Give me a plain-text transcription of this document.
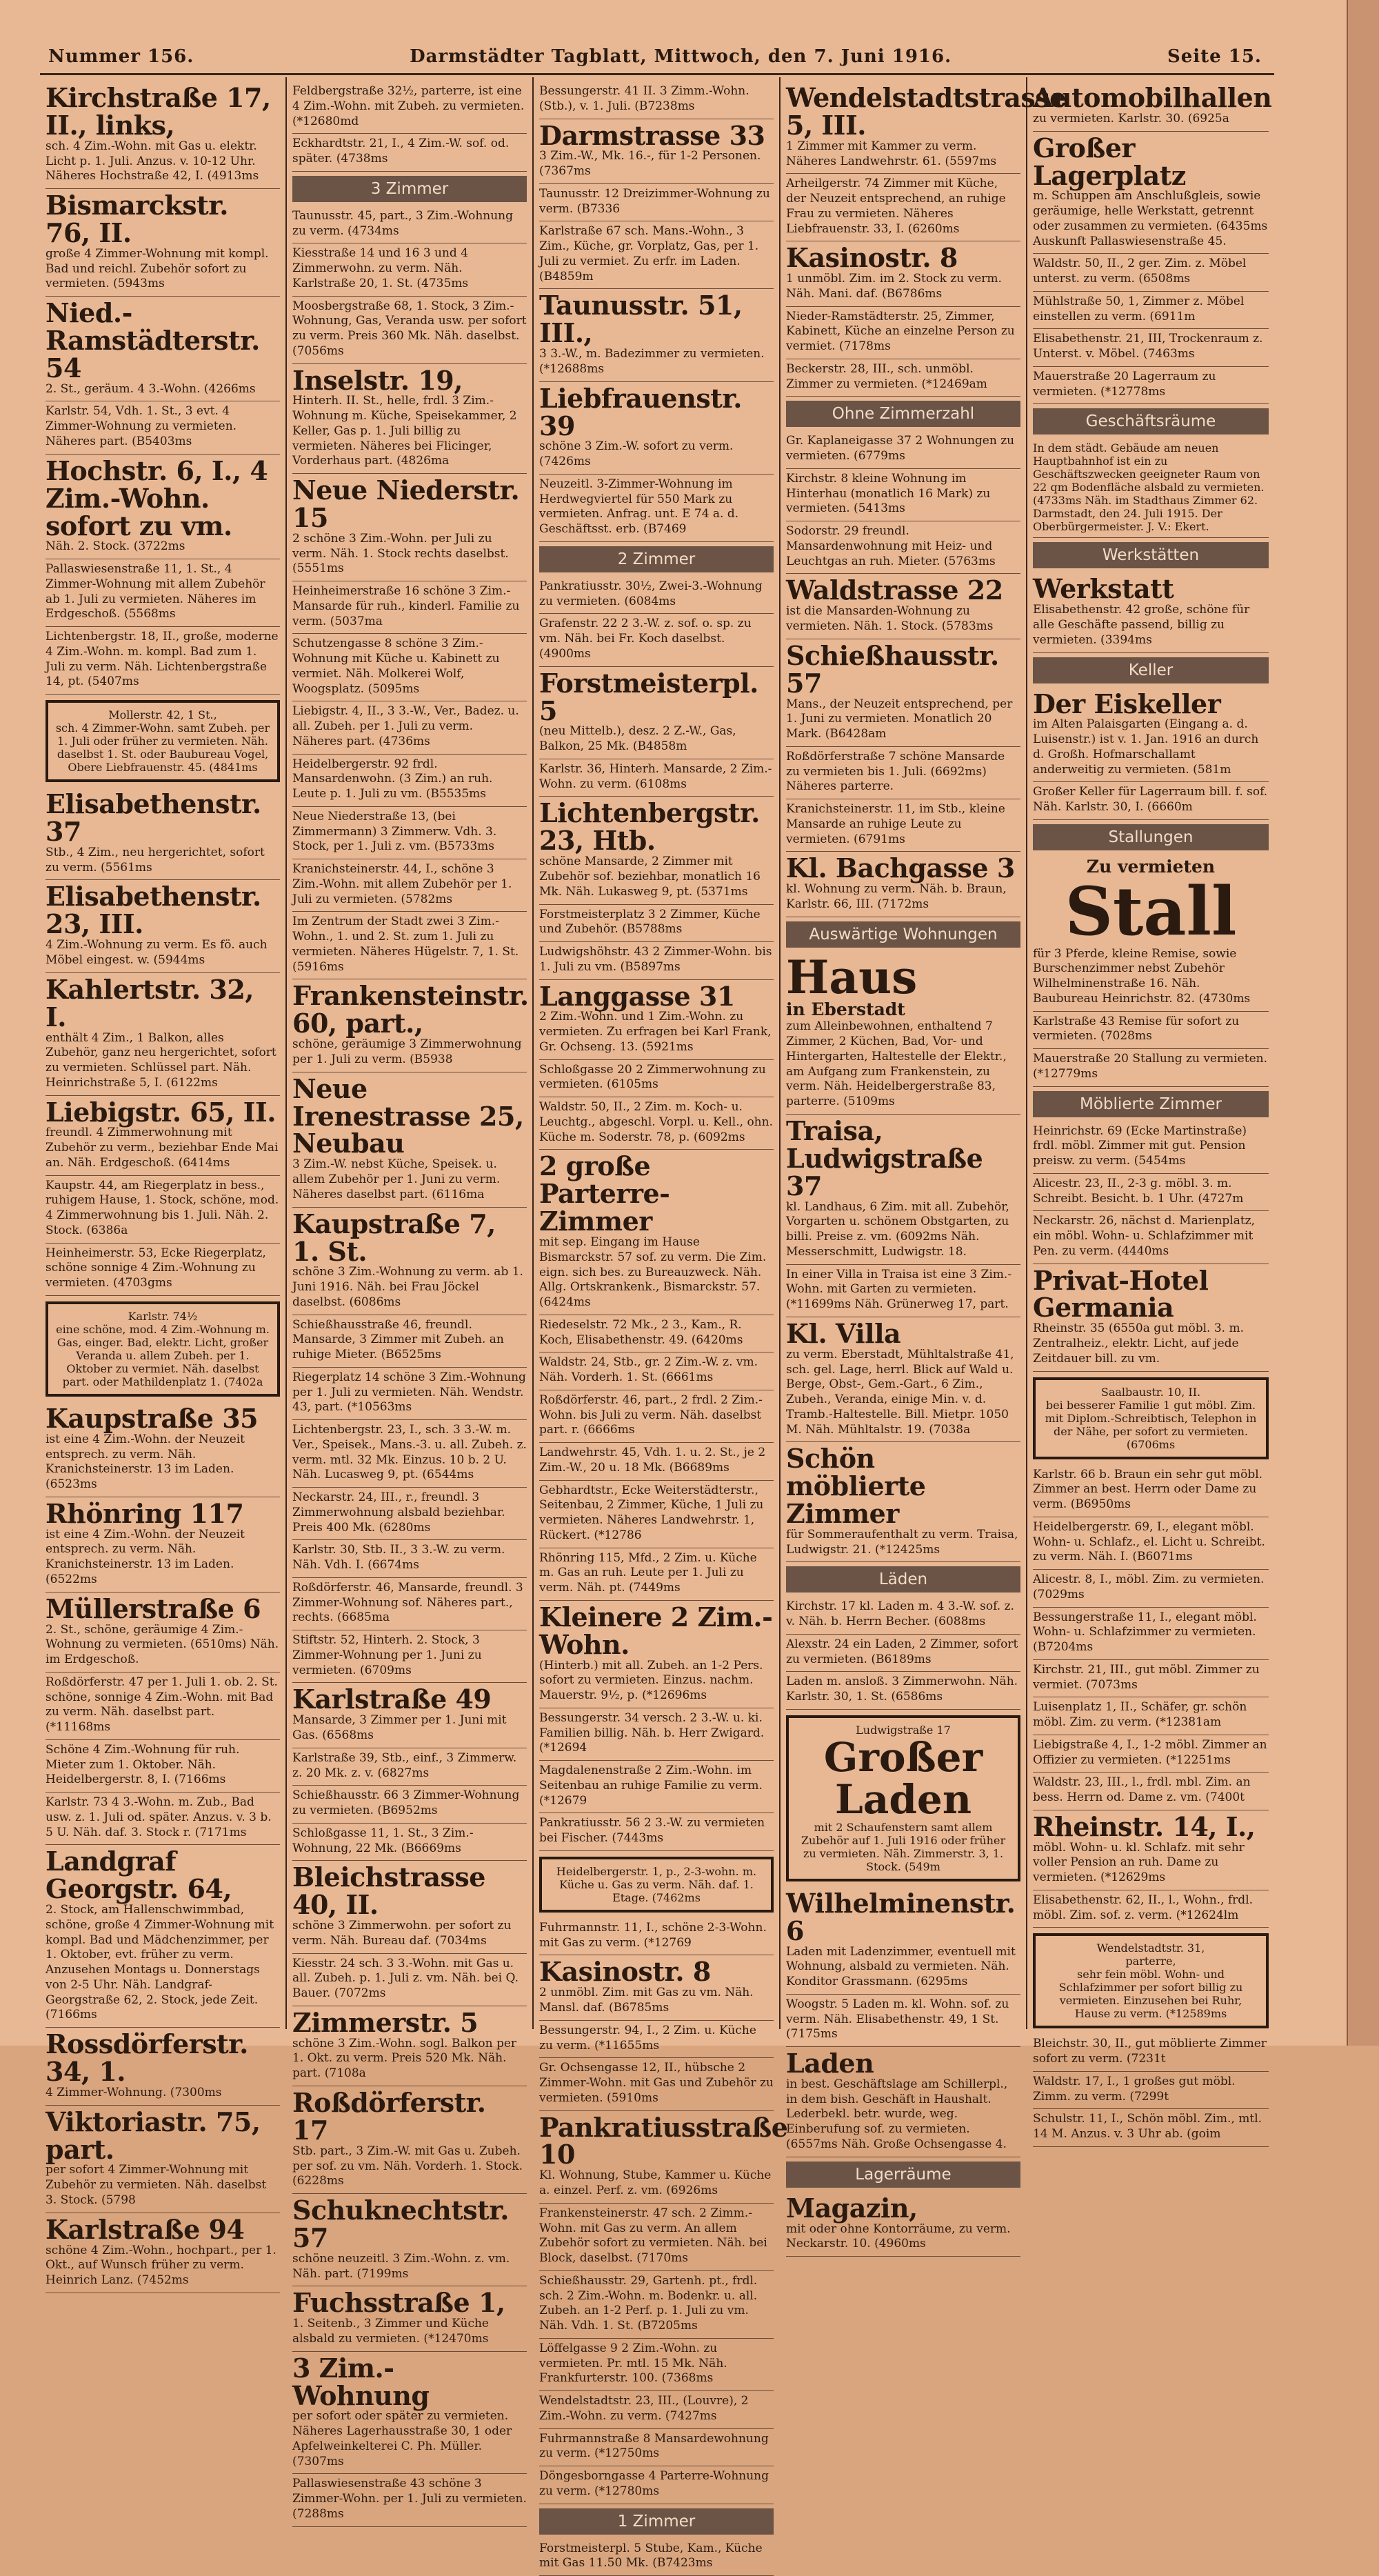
Nummer 156.	Darmstädter Tagblatt, Mittwoch, den 7. Juni 1916.	Seite 15.
Kirchstraße 17, II., links,
sch. 4 Zim.-Wohn. mit Gas u. elektr. Licht p. 1. Juli. Anzus. v. 10-12 Uhr. Näheres Hochstraße 42, I. (4913ms
Bismarckstr. 76, II.
große 4 Zimmer-Wohnung mit kompl. Bad und reichl. Zubehör sofort zu vermieten. (5943ms
Nied.-Ramstädterstr. 54
2. St., geräum. 4 3.-Wohn. (4266ms
Karlstr. 54, Vdh. 1. St., 3 evt. 4 Zimmer-Wohnung zu vermieten. Näheres part. (B5403ms
Hochstr. 6, I., 4 Zim.-Wohn. sofort zu vm.
Näh. 2. Stock. (3722ms
Pallaswiesenstraße 11, 1. St., 4 Zimmer-Wohnung mit allem Zubehör ab 1. Juli zu vermieten. Näheres im Erdgeschoß. (5568ms
Lichtenbergstr. 18, II., große, moderne 4 Zim.-Wohn. m. kompl. Bad zum 1. Juli zu verm. Näh. Lichtenbergstraße 14, pt. (5407ms
Mollerstr. 42, 1 St.,
sch. 4 Zimmer-Wohn. samt Zubeh. per 1. Juli oder früher zu vermieten. Näh. daselbst 1. St. oder Baubureau Vogel, Obere Liebfrauenstr. 45. (4841ms
Elisabethenstr. 37
Stb., 4 Zim., neu hergerichtet, sofort zu verm. (5561ms
Elisabethenstr. 23, III.
4 Zim.-Wohnung zu verm. Es fö. auch Möbel eingest. w. (5944ms
Kahlertstr. 32, I.
enthält 4 Zim., 1 Balkon, alles Zubehör, ganz neu hergerichtet, sofort zu vermieten. Schlüssel part. Näh. Heinrichstraße 5, I. (6122ms
Liebigstr. 65, II.
freundl. 4 Zimmerwohnung mit Zubehör zu verm., beziehbar Ende Mai an. Näh. Erdgeschoß. (6414ms
Kaupstr. 44, am Riegerplatz in bess., ruhigem Hause, 1. Stock, schöne, mod. 4 Zimmerwohnung bis 1. Juli. Näh. 2. Stock. (6386a
Heinheimerstr. 53, Ecke Riegerplatz, schöne sonnige 4 Zim.-Wohnung zu vermieten. (4703gms
Karlstr. 74½
eine schöne, mod. 4 Zim.-Wohnung m. Gas, einger. Bad, elektr. Licht, großer Veranda u. allem Zubeh. per 1. Oktober zu vermiet. Näh. daselbst part. oder Mathildenplatz 1. (7402a
Kaupstraße 35
ist eine 4 Zim.-Wohn. der Neuzeit entsprech. zu verm. Näh. Kranichsteinerstr. 13 im Laden. (6523ms
Rhönring 117
ist eine 4 Zim.-Wohn. der Neuzeit entsprech. zu verm. Näh. Kranichsteinerstr. 13 im Laden. (6522ms
Müllerstraße 6
2. St., schöne, geräumige 4 Zim.-Wohnung zu vermieten. (6510ms) Näh. im Erdgeschoß.
Roßdörferstr. 47 per 1. Juli 1. ob. 2. St. schöne, sonnige 4 Zim.-Wohn. mit Bad zu verm. Näh. daselbst part. (*11168ms
Schöne 4 Zim.-Wohnung für ruh. Mieter zum 1. Oktober. Näh. Heidelbergerstr. 8, I. (7166ms
Karlstr. 73 4 3.-Wohn. m. Zub., Bad usw. z. 1. Juli od. später. Anzus. v. 3 b. 5 U. Näh. daf. 3. Stock r. (7171ms
Landgraf Georgstr. 64,
2. Stock, am Hallenschwimmbad, schöne, große 4 Zimmer-Wohnung mit kompl. Bad und Mädchenzimmer, per 1. Oktober, evt. früher zu verm. Anzusehen Montags u. Donnerstags von 2-5 Uhr. Näh. Landgraf-Georgstraße 62, 2. Stock, jede Zeit. (7166ms
Rossdörferstr. 34, 1.
4 Zimmer-Wohnung. (7300ms
Viktoriastr. 75, part.
per sofort 4 Zimmer-Wohnung mit Zubehör zu vermieten. Näh. daselbst 3. Stock. (5798
Karlstraße 94
schöne 4 Zim.-Wohn., hochpart., per 1. Okt., auf Wunsch früher zu verm. Heinrich Lanz. (7452ms
Feldbergstraße 32½, parterre, ist eine 4 Zim.-Wohn. mit Zubeh. zu vermieten. (*12680md
Eckhardtstr. 21, I., 4 Zim.-W. sof. od. später. (4738ms
3 Zimmer
Taunusstr. 45, part., 3 Zim.-Wohnung zu verm. (4734ms
Kiesstraße 14 und 16 3 und 4 Zimmerwohn. zu verm. Näh. Karlstraße 20, 1. St. (4735ms
Moosbergstraße 68, 1. Stock, 3 Zim.-Wohnung, Gas, Veranda usw. per sofort zu verm. Preis 360 Mk. Näh. daselbst. (7056ms
Inselstr. 19,
Hinterh. II. St., helle, frdl. 3 Zim.-Wohnung m. Küche, Speisekammer, 2 Keller, Gas p. 1. Juli billig zu vermieten. Näheres bei Flicinger, Vorderhaus part. (4826ma
Neue Niederstr. 15
2 schöne 3 Zim.-Wohn. per Juli zu verm. Näh. 1. Stock rechts daselbst. (5551ms
Heinheimerstraße 16 schöne 3 Zim.-Mansarde für ruh., kinderl. Familie zu verm. (5037ma
Schutzengasse 8 schöne 3 Zim.-Wohnung mit Küche u. Kabinett zu vermiet. Näh. Molkerei Wolf, Woogsplatz. (5095ms
Liebigstr. 4, II., 3 3.-W., Ver., Badez. u. all. Zubeh. per 1. Juli zu verm. Näheres part. (4736ms
Heidelbergerstr. 92 frdl. Mansardenwohn. (3 Zim.) an ruh. Leute p. 1. Juli zu vm. (B5535ms
Neue Niederstraße 13, (bei Zimmermann) 3 Zimmerw. Vdh. 3. Stock, per 1. Juli z. vm. (B5733ms
Kranichsteinerstr. 44, I., schöne 3 Zim.-Wohn. mit allem Zubehör per 1. Juli zu vermieten. (5782ms
Im Zentrum der Stadt zwei 3 Zim.-Wohn., 1. und 2. St. zum 1. Juli zu vermieten. Näheres Hügelstr. 7, 1. St. (5916ms
Frankensteinstr. 60, part.,
schöne, geräumige 3 Zimmerwohnung per 1. Juli zu verm. (B5938
Neue Irenestrasse 25, Neubau
3 Zim.-W. nebst Küche, Speisek. u. allem Zubehör per 1. Juni zu verm. Näheres daselbst part. (6116ma
Kaupstraße 7, 1. St.
schöne 3 Zim.-Wohnung zu verm. ab 1. Juni 1916. Näh. bei Frau Jöckel daselbst. (6086ms
Schießhausstraße 46, freundl. Mansarde, 3 Zimmer mit Zubeh. an ruhige Mieter. (B6525ms
Riegerplatz 14 schöne 3 Zim.-Wohnung per 1. Juli zu vermieten. Näh. Wendstr. 43, part. (*10563ms
Lichtenbergstr. 23, I., sch. 3 3.-W. m. Ver., Speisek., Mans.-3. u. all. Zubeh. z. verm. mtl. 32 Mk. Einzus. 10 b. 2 U. Näh. Lucasweg 9, pt. (6544ms
Neckarstr. 24, III., r., freundl. 3 Zimmerwohnung alsbald beziehbar. Preis 400 Mk. (6280ms
Karlstr. 30, Stb. II., 3 3.-W. zu verm. Näh. Vdh. I. (6674ms
Roßdörferstr. 46, Mansarde, freundl. 3 Zimmer-Wohnung sof. Näheres part., rechts. (6685ma
Stiftstr. 52, Hinterh. 2. Stock, 3 Zimmer-Wohnung per 1. Juni zu vermieten. (6709ms
Karlstraße 49
Mansarde, 3 Zimmer per 1. Juni mit Gas. (6568ms
Karlstraße 39, Stb., einf., 3 Zimmerw. z. 20 Mk. z. v. (6827ms
Schießhausstr. 66 3 Zimmer-Wohnung zu vermieten. (B6952ms
Schloßgasse 11, 1. St., 3 Zim.-Wohnung, 22 Mk. (B6669ms
Bleichstrasse 40, II.
schöne 3 Zimmerwohn. per sofort zu verm. Näh. Bureau daf. (7034ms
Kiesstr. 24 sch. 3 3.-Wohn. mit Gas u. all. Zubeh. p. 1. Juli z. vm. Näh. bei Q. Bauer. (7072ms
Zimmerstr. 5
schöne 3 Zim.-Wohn. sogl. Balkon per 1. Okt. zu verm. Preis 520 Mk. Näh. part. (7108a
Roßdörferstr. 17
Stb. part., 3 Zim.-W. mit Gas u. Zubeh. per sof. zu vm. Näh. Vorderh. 1. Stock. (6228ms
Schuknechtstr. 57
schöne neuzeitl. 3 Zim.-Wohn. z. vm. Näh. part. (7199ms
Fuchsstraße 1,
1. Seitenb., 3 Zimmer und Küche alsbald zu vermieten. (*12470ms
3 Zim.-Wohnung
per sofort oder später zu vermieten. Näheres Lagerhausstraße 30, 1 oder Apfelweinkelterei C. Ph. Müller. (7307ms
Pallaswiesenstraße 43 schöne 3 Zimmer-Wohn. per 1. Juli zu vermieten. (7288ms
Bessungerstr. 41 II. 3 Zimm.-Wohn. (Stb.), v. 1. Juli. (B7238ms
Darmstrasse 33
3 Zim.-W., Mk. 16.-, für 1-2 Personen. (7367ms
Taunusstr. 12 Dreizimmer-Wohnung zu verm. (B7336
Karlstraße 67 sch. Mans.-Wohn., 3 Zim., Küche, gr. Vorplatz, Gas, per 1. Juli zu vermiet. Zu erfr. im Laden. (B4859m
Taunusstr. 51, III.,
3 3.-W., m. Badezimmer zu vermieten. (*12688ms
Liebfrauenstr. 39
schöne 3 Zim.-W. sofort zu verm. (7426ms
Neuzeitl. 3-Zimmer-Wohnung im Herdwegviertel für 550 Mark zu vermieten. Anfrag. unt. E 74 a. d. Geschäftsst. erb. (B7469
2 Zimmer
Pankratiusstr. 30½, Zwei-3.-Wohnung zu vermieten. (6084ms
Grafenstr. 22 2 3.-W. z. sof. o. sp. zu vm. Näh. bei Fr. Koch daselbst. (4900ms
Forstmeisterpl. 5
(neu Mittelb.), desz. 2 Z.-W., Gas, Balkon, 25 Mk. (B4858m
Karlstr. 36, Hinterh. Mansarde, 2 Zim.-Wohn. zu verm. (6108ms
Lichtenbergstr. 23, Htb.
schöne Mansarde, 2 Zimmer mit Zubehör sof. beziehbar, monatlich 16 Mk. Näh. Lukasweg 9, pt. (5371ms
Forstmeisterplatz 3 2 Zimmer, Küche und Zubehör. (B5788ms
Ludwigshöhstr. 43 2 Zimmer-Wohn. bis 1. Juli zu vm. (B5897ms
Langgasse 31
2 Zim.-Wohn. und 1 Zim.-Wohn. zu vermieten. Zu erfragen bei Karl Frank, Gr. Ochseng. 13. (5921ms
Schloßgasse 20 2 Zimmerwohnung zu vermieten. (6105ms
Waldstr. 50, II., 2 Zim. m. Koch- u. Leuchtg., abgeschl. Vorpl. u. Kell., ohn. Küche m. Soderstr. 78, p. (6092ms
2 große Parterre-Zimmer
mit sep. Eingang im Hause Bismarckstr. 57 sof. zu verm. Die Zim. eign. sich bes. zu Bureauzweck. Näh. Allg. Ortskrankenk., Bismarckstr. 57. (6424ms
Riedeselstr. 72 Mk., 2 3., Kam., R. Koch, Elisabethenstr. 49. (6420ms
Waldstr. 24, Stb., gr. 2 Zim.-W. z. vm. Näh. Vorderh. 1. St. (6661ms
Roßdörferstr. 46, part., 2 frdl. 2 Zim.-Wohn. bis Juli zu verm. Näh. daselbst part. r. (6666ms
Landwehrstr. 45, Vdh. 1. u. 2. St., je 2 Zim.-W., 20 u. 18 Mk. (B6689ms
Gebhardtstr., Ecke Weiterstädterstr., Seitenbau, 2 Zimmer, Küche, 1 Juli zu vermieten. Näheres Landwehrstr. 1, Rückert. (*12786
Rhönring 115, Mfd., 2 Zim. u. Küche m. Gas an ruh. Leute per 1. Juli zu verm. Näh. pt. (7449ms
Kleinere 2 Zim.-Wohn.
(Hinterb.) mit all. Zubeh. an 1-2 Pers. sofort zu vermieten. Einzus. nachm. Mauerstr. 9½, p. (*12696ms
Bessungerstr. 34 versch. 2 3.-W. u. ki. Familien billig. Näh. b. Herr Zwigard. (*12694
Magdalenenstraße 2 Zim.-Wohn. im Seitenbau an ruhige Familie zu verm. (*12679
Pankratiusstr. 56 2 3.-W. zu vermieten bei Fischer. (7443ms
Heidelbergerstr. 1, p., 2-3-wohn. m. Küche u. Gas zu verm. Näh. daf. 1. Etage. (7462ms
Fuhrmannstr. 11, I., schöne 2-3-Wohn. mit Gas zu verm. (*12769
Kasinostr. 8
2 unmöbl. Zim. mit Gas zu vm. Näh. Mansl. daf. (B6785ms
Bessungerstr. 94, I., 2 Zim. u. Küche zu verm. (*11655ms
Gr. Ochsengasse 12, II., hübsche 2 Zimmer-Wohn. mit Gas und Zubehör zu vermieten. (5910ms
Pankratiusstraße 10
Kl. Wohnung, Stube, Kammer u. Küche a. einzel. Perf. z. vm. (6926ms
Frankensteinerstr. 47 sch. 2 Zimm.-Wohn. mit Gas zu verm. An allem Zubehör sofort zu vermieten. Näh. bei Block, daselbst. (7170ms
Schießhausstr. 29, Gartenh. pt., frdl. sch. 2 Zim.-Wohn. m. Bodenkr. u. all. Zubeh. an 1-2 Perf. p. 1. Juli zu vm. Näh. Vdh. 1. St. (B7205ms
Löffelgasse 9 2 Zim.-Wohn. zu vermieten. Pr. mtl. 15 Mk. Näh. Frankfurterstr. 100. (7368ms
Wendelstadtstr. 23, III., (Louvre), 2 Zim.-Wohn. zu verm. (7427ms
Fuhrmannstraße 8 Mansardewohnung zu verm. (*12750ms
Döngesborngasse 4 Parterre-Wohnung zu verm. (*12780ms
1 Zimmer
Forstmeisterpl. 5 Stube, Kam., Küche mit Gas 11.50 Mk. (B7423ms
Wendelstadtstrasse 5, III.
1 Zimmer mit Kammer zu verm. Näheres Landwehrstr. 61. (5597ms
Arheilgerstr. 74 Zimmer mit Küche, der Neuzeit entsprechend, an ruhige Frau zu vermieten. Näheres Liebfrauenstr. 33, I. (6260ms
Kasinostr. 8
1 unmöbl. Zim. im 2. Stock zu verm. Näh. Mani. daf. (B6786ms
Nieder-Ramstädterstr. 25, Zimmer, Kabinett, Küche an einzelne Person zu vermiet. (7178ms
Beckerstr. 28, III., sch. unmöbl. Zimmer zu vermieten. (*12469am
Ohne Zimmerzahl
Gr. Kaplaneigasse 37 2 Wohnungen zu vermieten. (6779ms
Kirchstr. 8 kleine Wohnung im Hinterhau (monatlich 16 Mark) zu vermieten. (5413ms
Sodorstr. 29 freundl. Mansardenwohnung mit Heiz- und Leuchtgas an ruh. Mieter. (5763ms
Waldstrasse 22
ist die Mansarden-Wohnung zu vermieten. Näh. 1. Stock. (5783ms
Schießhausstr. 57
Mans., der Neuzeit entsprechend, per 1. Juni zu vermieten. Monatlich 20 Mark. (B6428am
Roßdörferstraße 7 schöne Mansarde zu vermieten bis 1. Juli. (6692ms) Näheres parterre.
Kranichsteinerstr. 11, im Stb., kleine Mansarde an ruhige Leute zu vermieten. (6791ms
Kl. Bachgasse 3
kl. Wohnung zu verm. Näh. b. Braun, Karlstr. 66, III. (7172ms
Auswärtige Wohnungen
Haus
in Eberstadt
zum Alleinbewohnen, enthaltend 7 Zimmer, 2 Küchen, Bad, Vor- und Hintergarten, Haltestelle der Elektr., am Aufgang zum Frankenstein, zu verm. Näh. Heidelbergerstraße 83, parterre. (5109ms
Traisa, Ludwigstraße 37
kl. Landhaus, 6 Zim. mit all. Zubehör, Vorgarten u. schönem Obstgarten, zu billi. Preise z. vm. (6092ms Näh. Messerschmitt, Ludwigstr. 18.
In einer Villa in Traisa ist eine 3 Zim.-Wohn. mit Garten zu vermieten. (*11699ms Näh. Grünerweg 17, part.
Kl. Villa
zu verm. Eberstadt, Mühltalstraße 41, sch. gel. Lage, herrl. Blick auf Wald u. Berge, Obst-, Gem.-Gart., 6 Zim., Zubeh., Veranda, einige Min. v. d. Tramb.-Haltestelle. Bill. Mietpr. 1050 M. Näh. Mühltalstr. 19. (7038a
Schön möblierte Zimmer
für Sommeraufenthalt zu verm. Traisa, Ludwigstr. 21. (*12425ms
Läden
Kirchstr. 17 kl. Laden m. 4 3.-W. sof. z. v. Näh. b. Herrn Becher. (6088ms
Alexstr. 24 ein Laden, 2 Zimmer, sofort zu vermieten. (B6189ms
Laden m. ansloß. 3 Zimmerwohn. Näh. Karlstr. 30, 1. St. (6586ms
Ludwigstraße 17
Großer
Laden
mit 2 Schaufenstern samt allem Zubehör auf 1. Juli 1916 oder früher zu vermieten. Näh. Zimmerstr. 3, 1. Stock. (549m
Wilhelminenstr. 6
Laden mit Ladenzimmer, eventuell mit Wohnung, alsbald zu vermieten. Näh. Konditor Grassmann. (6295ms
Woogstr. 5 Laden m. kl. Wohn. sof. zu verm. Näh. Elisabethenstr. 49, 1 St. (7175ms
Laden
in best. Geschäftslage am Schillerpl., in dem bish. Geschäft in Haushalt. Lederbekl. betr. wurde, weg. Einberufung sof. zu vermieten. (6557ms Näh. Große Ochsengasse 4.
Lagerräume
Magazin,
mit oder ohne Kontorräume, zu verm. Neckarstr. 10. (4960ms
Automobilhallen
zu vermieten. Karlstr. 30. (6925a
Großer Lagerplatz
m. Schuppen am Anschlußgleis, sowie geräumige, helle Werkstatt, getrennt oder zusammen zu vermieten. (6435ms Auskunft Pallaswiesenstraße 45.
Waldstr. 50, II., 2 ger. Zim. z. Möbel unterst. zu verm. (6508ms
Mühlstraße 50, 1, Zimmer z. Möbel einstellen zu verm. (6911m
Elisabethenstr. 21, III, Trockenraum z. Unterst. v. Möbel. (7463ms
Mauerstraße 20 Lagerraum zu vermieten. (*12778ms
Geschäftsräume
In dem städt. Gebäude am neuen Hauptbahnhof ist ein zu Geschäftszwecken geeigneter Raum von 22 qm Bodenfläche alsbald zu vermieten. (4733ms Näh. im Stadthaus Zimmer 62. Darmstadt, den 24. Juli 1915. Der Oberbürgermeister. J. V.: Ekert.
Werkstätten
Werkstatt
Elisabethenstr. 42 große, schöne für alle Geschäfte passend, billig zu vermieten. (3394ms
Keller
Der Eiskeller
im Alten Palaisgarten (Eingang a. d. Luisenstr.) ist v. 1. Jan. 1916 an durch d. Großh. Hofmarschallamt anderweitig zu vermieten. (581m
Großer Keller für Lagerraum bill. f. sof. Näh. Karlstr. 30, I. (6660m
Stallungen
Zu vermieten
Stall
für 3 Pferde, kleine Remise, sowie Burschenzimmer nebst Zubehör Wilhelminenstraße 16. Näh. Baubureau Heinrichstr. 82. (4730ms
Karlstraße 43 Remise für sofort zu vermieten. (7028ms
Mauerstraße 20 Stallung zu vermieten. (*12779ms
Möblierte Zimmer
Heinrichstr. 69 (Ecke Martinstraße) frdl. möbl. Zimmer mit gut. Pension preisw. zu verm. (5454ms
Alicestr. 23, II., 2-3 g. möbl. 3. m. Schreibt. Besicht. b. 1 Uhr. (4727m
Neckarstr. 26, nächst d. Marienplatz, ein möbl. Wohn- u. Schlafzimmer mit Pen. zu verm. (4440ms
Privat-Hotel Germania
Rheinstr. 35 (6550a gut möbl. 3. m. Zentralheiz., elektr. Licht, auf jede Zeitdauer bill. zu vm.
Saalbaustr. 10, II.
bei besserer Familie 1 gut möbl. Zim. mit Diplom.-Schreibtisch, Telephon in der Nähe, per sofort zu vermieten. (6706ms
Karlstr. 66 b. Braun ein sehr gut möbl. Zimmer an best. Herrn oder Dame zu verm. (B6950ms
Heidelbergerstr. 69, I., elegant möbl. Wohn- u. Schlafz., el. Licht u. Schreibt. zu verm. Näh. I. (B6071ms
Alicestr. 8, I., möbl. Zim. zu vermieten. (7029ms
Bessungerstraße 11, I., elegant möbl. Wohn- u. Schlafzimmer zu vermieten. (B7204ms
Kirchstr. 21, III., gut möbl. Zimmer zu vermiet. (7073ms
Luisenplatz 1, II., Schäfer, gr. schön möbl. Zim. zu verm. (*12381am
Liebigstraße 4, I., 1-2 möbl. Zimmer an Offizier zu vermieten. (*12251ms
Waldstr. 23, III., l., frdl. mbl. Zim. an bess. Herrn od. Dame z. vm. (7400t
Rheinstr. 14, I.,
möbl. Wohn- u. kl. Schlafz. mit sehr voller Pension an ruh. Dame zu vermieten. (*12629ms
Elisabethenstr. 62, II., l., Wohn., frdl. möbl. Zim. sof. z. verm. (*12624lm
Wendelstadtstr. 31,
parterre,
sehr fein möbl. Wohn- und Schlafzimmer per sofort billig zu vermieten. Einzusehen bei Ruhr, Hause zu verm. (*12589ms
Bleichstr. 30, II., gut möblierte Zimmer sofort zu verm. (7231t
Waldstr. 17, I., 1 großes gut möbl. Zimm. zu verm. (7299t
Schulstr. 11, I., Schön möbl. Zim., mtl. 14 M. Anzus. v. 3 Uhr ab. (goim
